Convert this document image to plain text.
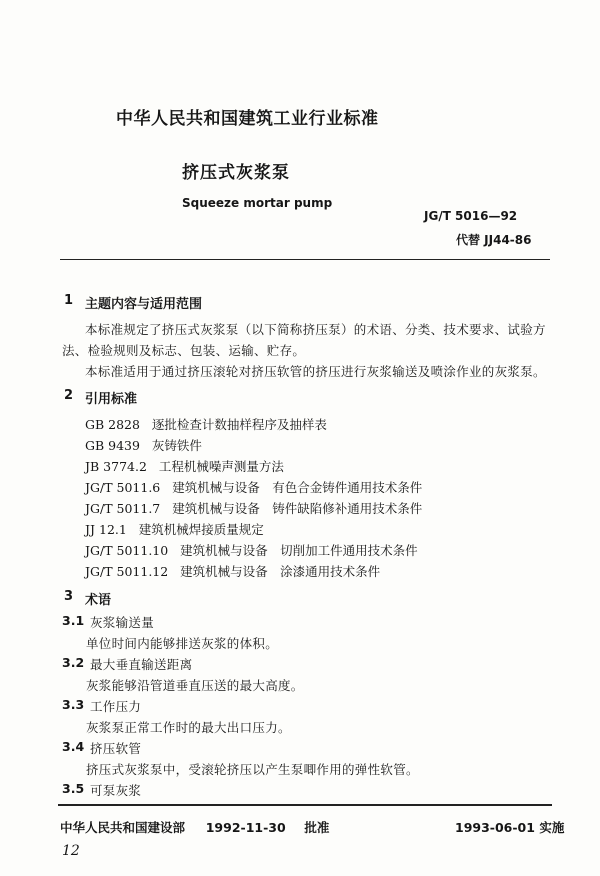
中华人民共和国建筑工业行业标准
挤压式灰浆泵
Squeeze mortar pump
JG/T 5016—92
代替 JJ44-86
1 主题内容与适用范围
本标准规定了挤压式灰浆泵（以下简称挤压泵）的术语、分类、技术要求、试验方
法、检验规则及标志、包装、运输、贮存。
本标准适用于通过挤压滚轮对挤压软管的挤压进行灰浆输送及喷涂作业的灰浆泵。
2 引用标准
GB 2828 逐批检查计数抽样程序及抽样表
GB 9439 灰铸铁件
JB 3774.2 工程机械噪声测量方法
JG/T 5011.6 建筑机械与设备　有色合金铸件通用技术条件
JG/T 5011.7 建筑机械与设备　铸件缺陷修补通用技术条件
JJ 12.1 建筑机械焊接质量规定
JG/T 5011.10 建筑机械与设备　切削加工件通用技术条件
JG/T 5011.12 建筑机械与设备　涂漆通用技术条件
3 术语
3.1 灰浆输送量
单位时间内能够排送灰浆的体积。
3.2 最大垂直输送距离
灰浆能够沿管道垂直压送的最大高度。
3.3 工作压力
灰浆泵正常工作时的最大出口压力。
3.4 挤压软管
挤压式灰浆泵中，受滚轮挤压以产生泵唧作用的弹性软管。
3.5 可泵灰浆
中华人民共和国建设部 1992-11-30 批准	1993-06-01 实施
12
